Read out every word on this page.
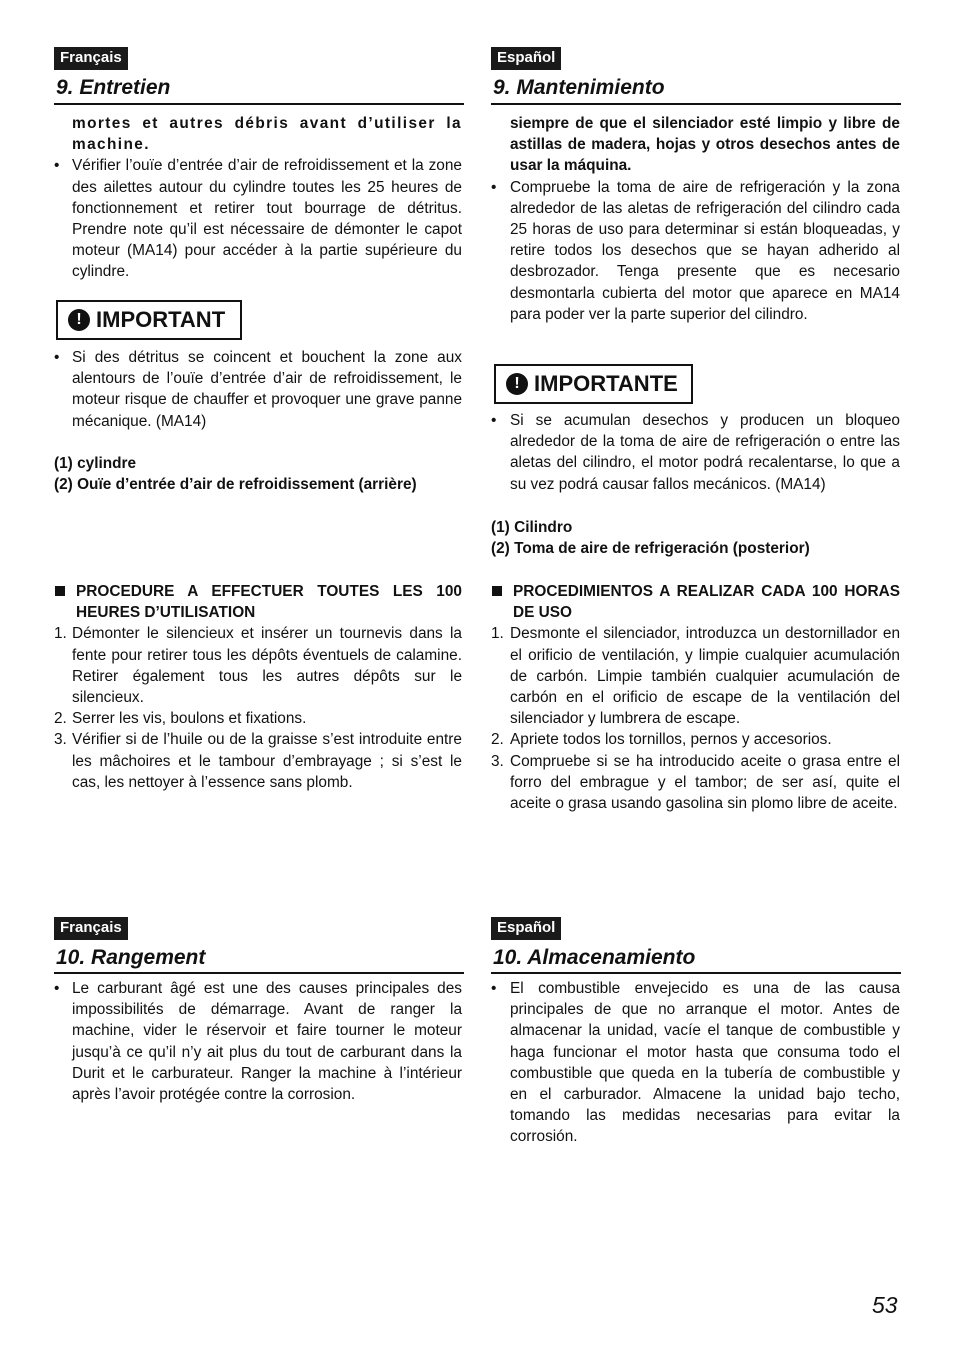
Français
9. Entretien

mortes et autres débris avant d’utiliser la machine.

• Vérifier l’ouïe d’entrée d’air de refroidissement et la zone des ailettes autour du cylindre toutes les 25 heures de fonctionnement et retirer tout bourrage de détritus. Prendre note qu’il est nécessaire de démonter le capot moteur (MA14) pour accéder à la partie supérieure du cylindre.

! IMPORTANT

• Si des détritus se coincent et bouchent la zone aux alentours de l’ouïe d’entrée d’air de refroidissement, le moteur risque de chauffer et provoquer une grave panne mécanique. (MA14)

(1) cylindre

(2) Ouïe d’entrée d’air de refroidissement (arrière)

PROCEDURE A EFFECTUER TOUTES LES 100 HEURES D’UTILISATION

1. Démonter le silencieux et insérer un tournevis dans la fente pour retirer tous les dépôts éventuels de calamine. Retirer également tous les autres dépôts sur le silencieux.

2. Serrer les vis, boulons et fixations.

3. Vérifier si de l’huile ou de la graisse s’est introduite entre les mâchoires et le tambour d’embrayage ; si s’est le cas, les nettoyer à l’essence sans plomb.

Español
9. Mantenimiento

siempre de que el silenciador esté limpio y libre de astillas de madera, hojas y otros desechos antes de usar la máquina.

• Compruebe la toma de aire de refrigeración y la zona alrededor de las aletas de refrigeración del cilindro cada 25 horas de uso para determinar si están bloqueadas, y retire todos los desechos que se hayan adherido al desbrozador. Tenga presente que es necesario desmontarla cubierta del motor que aparece en MA14 para poder ver la parte superior del cilindro.

! IMPORTANTE

• Si se acumulan desechos y producen un bloqueo alrededor de la toma de aire de refrigeración o entre las aletas del cilindro, el motor podrá recalentarse, lo que a su vez podrá causar fallos mecánicos. (MA14)

(1) Cilindro

(2) Toma de aire de refrigeración (posterior)

PROCEDIMIENTOS A REALIZAR CADA 100 HORAS DE USO

1. Desmonte el silenciador, introduzca un destornillador en el orificio de ventilación, y limpie cualquier acumulación de carbón. Limpie también cualquier acumulación de carbón en el orificio de escape de la ventilación del silenciador y lumbrera de escape.

2. Apriete todos los tornillos, pernos y accesorios.

3. Compruebe si se ha introducido aceite o grasa entre el forro del embrague y el tambor; de ser así, quite el aceite o grasa usando gasolina sin plomo libre de aceite.

Français
10. Rangement

• Le carburant âgé est une des causes principales des impossibilités de démarrage. Avant de ranger la machine, vider le réservoir et faire tourner le moteur jusqu’à ce qu’il n’y ait plus du tout de carburant dans la Durit et le carburateur. Ranger la machine à l’intérieur après l’avoir protégée contre la corrosion.

Español
10. Almacenamiento

• El combustible envejecido es una de las causa principales de que no arranque el motor. Antes de almacenar la unidad, vacíe el tanque de combustible y haga funcionar el motor hasta que consuma todo el combustible que queda en la tubería de combustible y en el carburador. Almacene la unidad bajo techo, tomando las medidas necesarias para evitar la corrosión.

53
